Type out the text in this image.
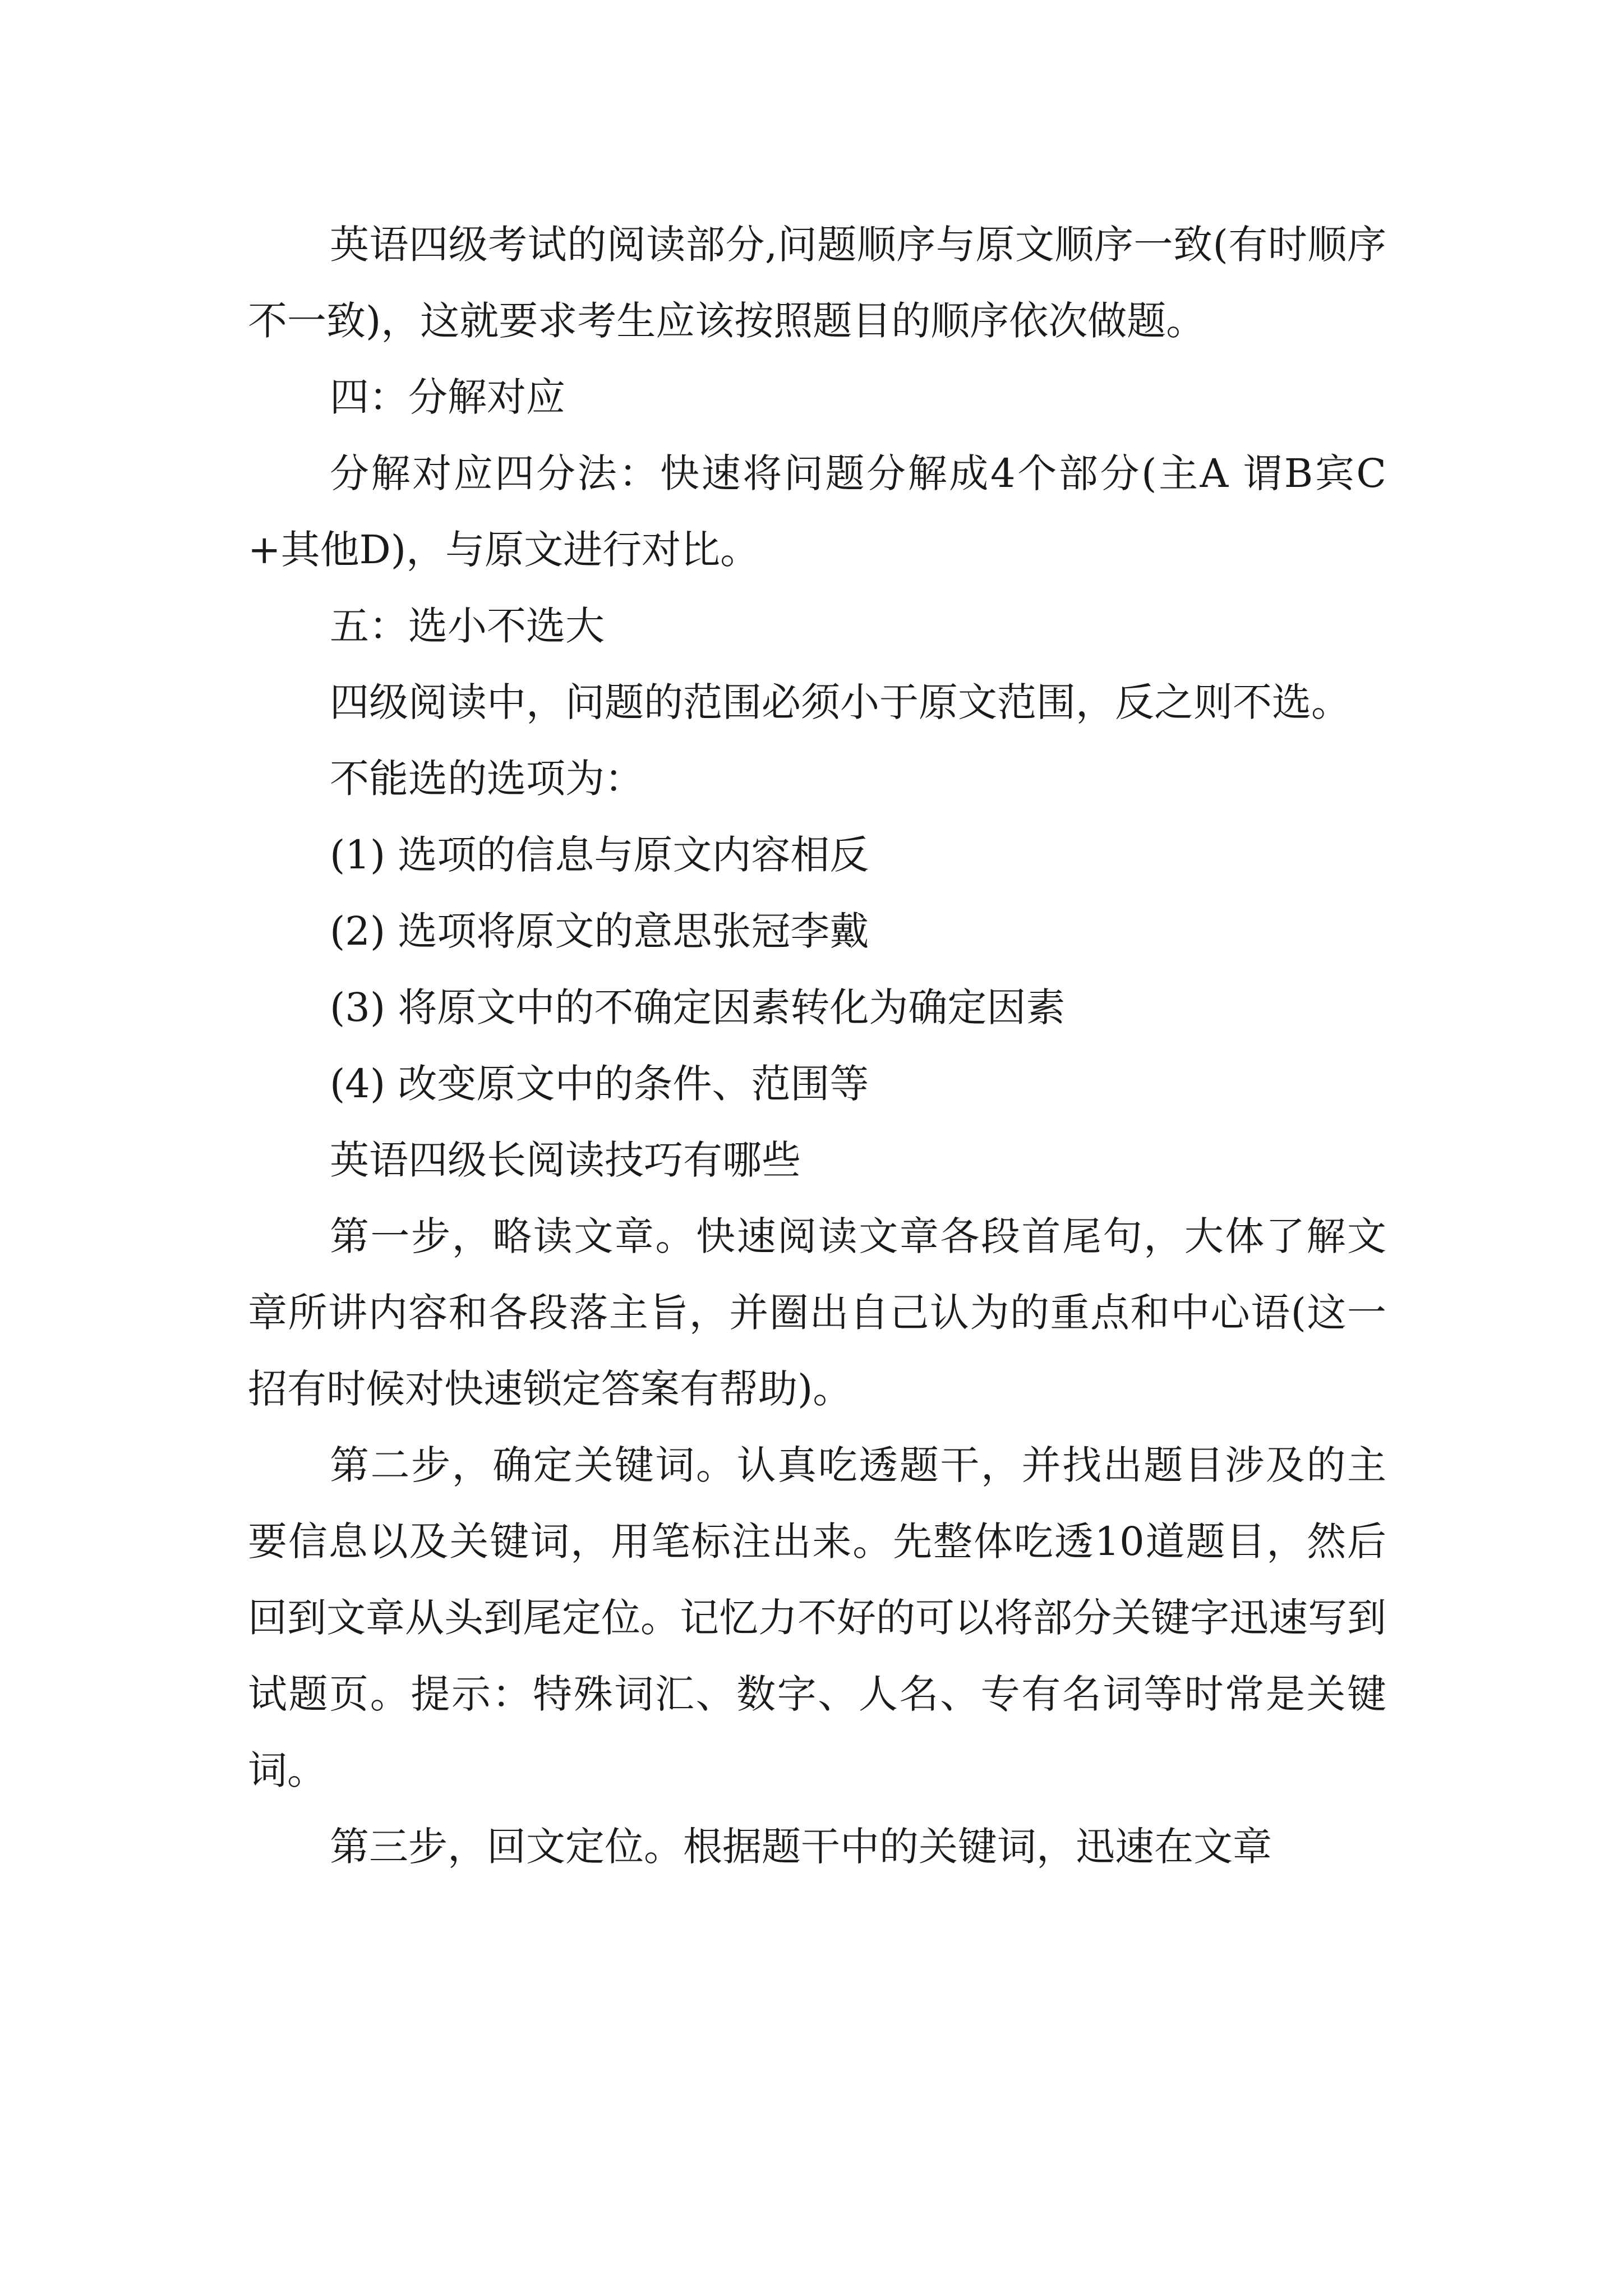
英语四级考试的阅读部分,问题顺序与原文顺序一致(有时顺序不一致)，这就要求考生应该按照题目的顺序依次做题。

四：分解对应

分解对应四分法：快速将问题分解成4个部分(主A 谓B宾C+其他D)，与原文进行对比。

五：选小不选大

四级阅读中，问题的范围必须小于原文范围，反之则不选。

不能选的选项为：

(1) 选项的信息与原文内容相反

(2) 选项将原文的意思张冠李戴

(3) 将原文中的不确定因素转化为确定因素

(4) 改变原文中的条件、范围等

英语四级长阅读技巧有哪些

第一步，略读文章。快速阅读文章各段首尾句，大体了解文章所讲内容和各段落主旨，并圈出自己认为的重点和中心语(这一招有时候对快速锁定答案有帮助)。

第二步，确定关键词。认真吃透题干，并找出题目涉及的主要信息以及关键词，用笔标注出来。先整体吃透10道题目，然后回到文章从头到尾定位。记忆力不好的可以将部分关键字迅速写到试题页。提示：特殊词汇、数字、人名、专有名词等时常是关键词。

第三步，回文定位。根据题干中的关键词，迅速在文章
